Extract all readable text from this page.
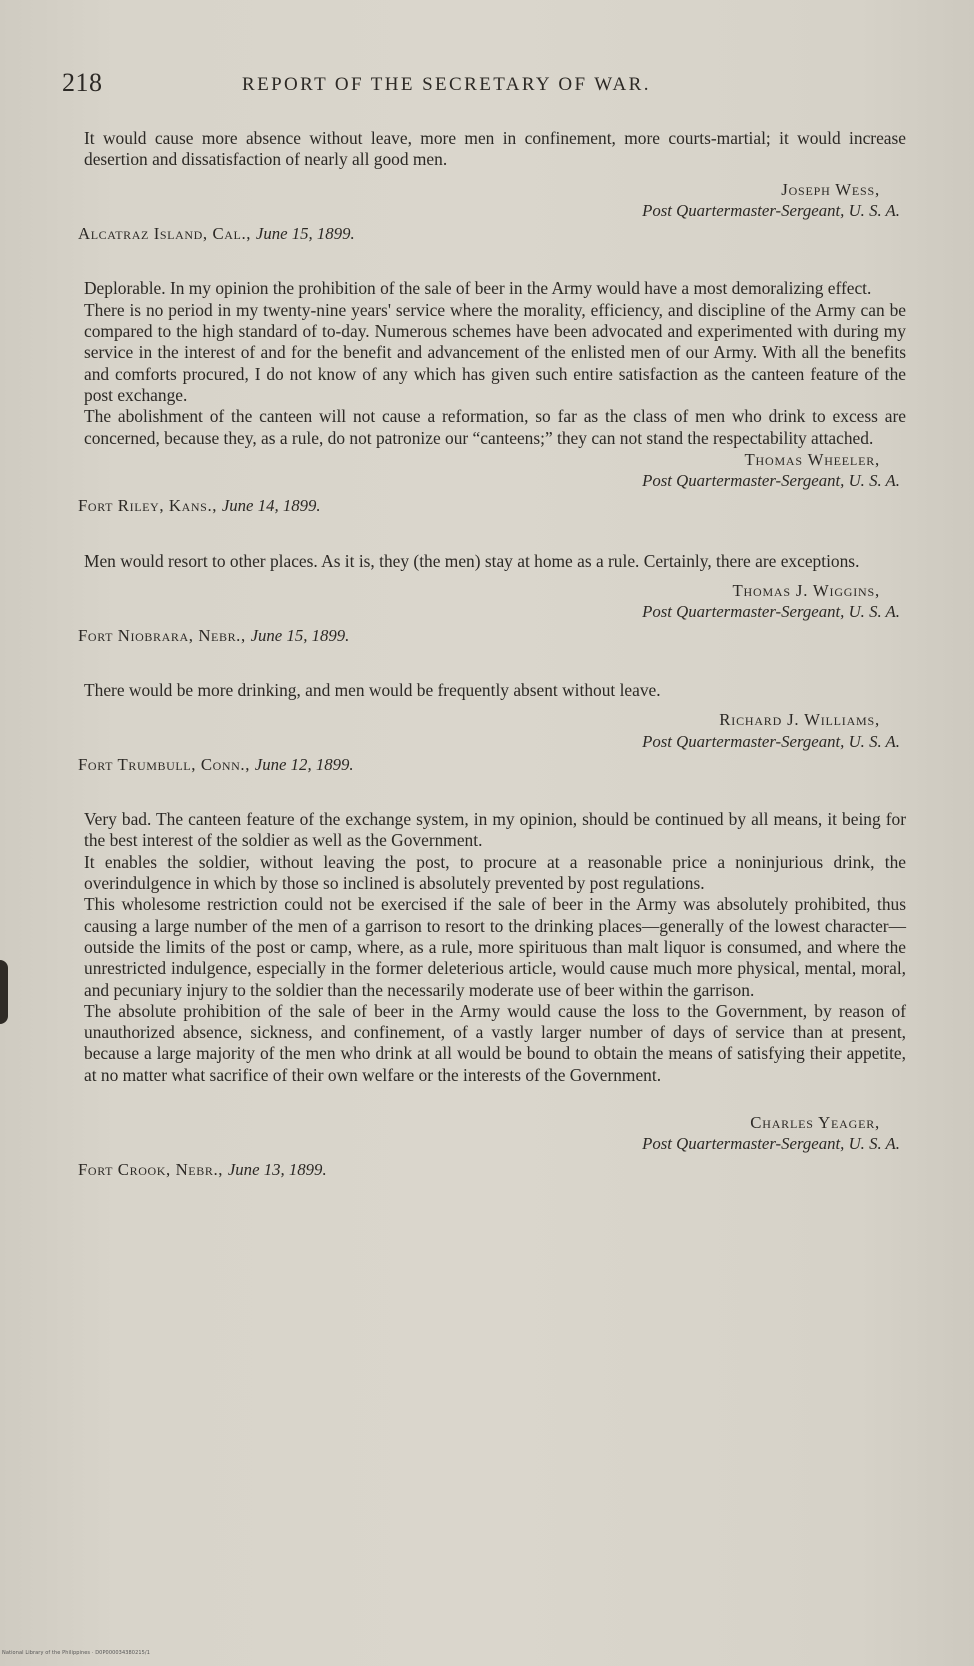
218	REPORT OF THE SECRETARY OF WAR.

It would cause more absence without leave, more men in confinement, more courts-martial; it would increase desertion and dissatisfaction of nearly all good men.

Joseph Wess,
Post Quartermaster-Sergeant, U. S. A.
Alcatraz Island, Cal., June 15, 1899.

Deplorable. In my opinion the prohibition of the sale of beer in the Army would have a most demoralizing effect.

There is no period in my twenty-nine years' service where the morality, efficiency, and discipline of the Army can be compared to the high standard of to-day. Numerous schemes have been advocated and experimented with during my service in the interest of and for the benefit and advancement of the enlisted men of our Army. With all the benefits and comforts procured, I do not know of any which has given such entire satisfaction as the canteen feature of the post exchange.

The abolishment of the canteen will not cause a reformation, so far as the class of men who drink to excess are concerned, because they, as a rule, do not patronize our “canteens;” they can not stand the respectability attached.

Thomas Wheeler,
Post Quartermaster-Sergeant, U. S. A.
Fort Riley, Kans., June 14, 1899.

Men would resort to other places. As it is, they (the men) stay at home as a rule. Certainly, there are exceptions.

Thomas J. Wiggins,
Post Quartermaster-Sergeant, U. S. A.
Fort Niobrara, Nebr., June 15, 1899.

There would be more drinking, and men would be frequently absent without leave.

Richard J. Williams,
Post Quartermaster-Sergeant, U. S. A.
Fort Trumbull, Conn., June 12, 1899.

Very bad. The canteen feature of the exchange system, in my opinion, should be continued by all means, it being for the best interest of the soldier as well as the Government.

It enables the soldier, without leaving the post, to procure at a reasonable price a noninjurious drink, the overindulgence in which by those so inclined is absolutely prevented by post regulations.

This wholesome restriction could not be exercised if the sale of beer in the Army was absolutely prohibited, thus causing a large number of the men of a garrison to resort to the drinking places—generally of the lowest character—outside the limits of the post or camp, where, as a rule, more spirituous than malt liquor is consumed, and where the unrestricted indulgence, especially in the former deleterious article, would cause much more physical, mental, moral, and pecuniary injury to the soldier than the necessarily moderate use of beer within the garrison.

The absolute prohibition of the sale of beer in the Army would cause the loss to the Government, by reason of unauthorized absence, sickness, and confinement, of a vastly larger number of days of service than at present, because a large majority of the men who drink at all would be bound to obtain the means of satisfying their appetite, at no matter what sacrifice of their own welfare or the interests of the Government.

Charles Yeager,
Post Quartermaster-Sergeant, U. S. A.
Fort Crook, Nebr., June 13, 1899.
National Library of the Philippines · D0P000034380215/1
